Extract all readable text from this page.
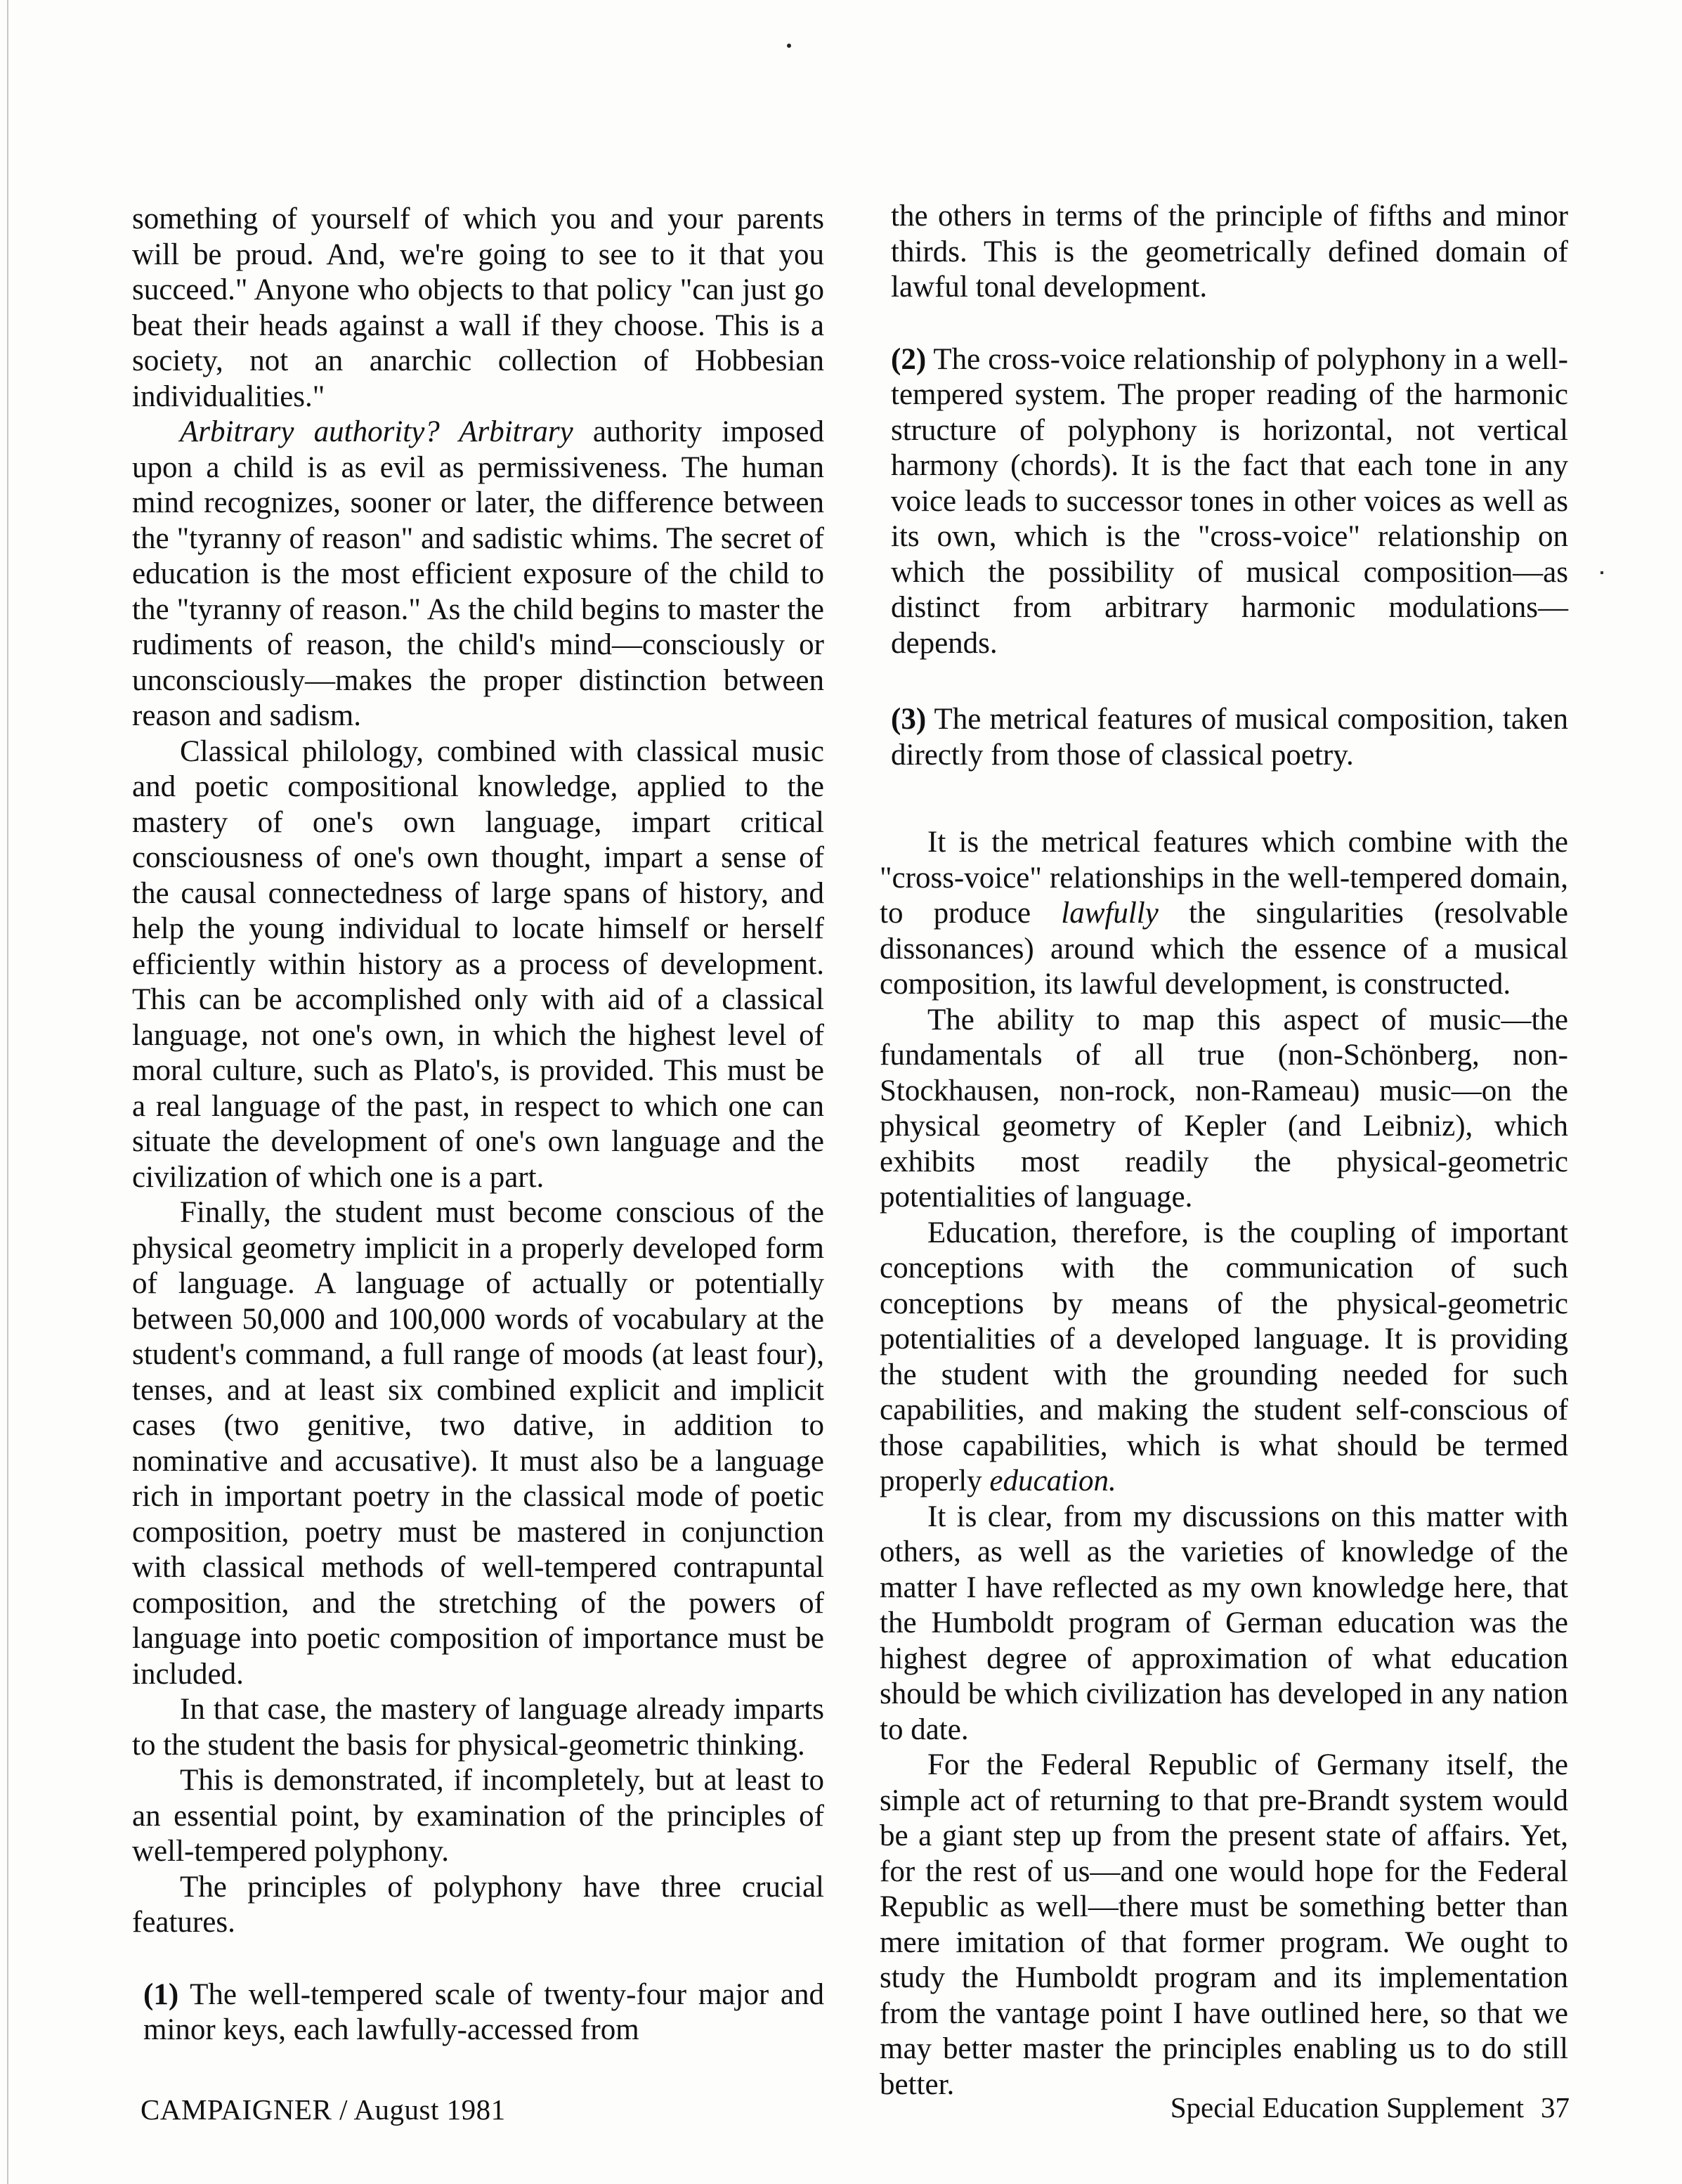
something of yourself of which you and your parents will be proud. And, we're going to see to it that you succeed." Anyone who objects to that policy "can just go beat their heads against a wall if they choose. This is a society, not an anarchic collection of Hobbesian individualities."

Arbitrary authority? Arbitrary authority imposed upon a child is as evil as permissiveness. The human mind recognizes, sooner or later, the difference between the "tyranny of reason" and sadistic whims. The secret of education is the most efficient exposure of the child to the "tyranny of reason." As the child begins to master the rudiments of reason, the child's mind—consciously or unconsciously—makes the proper distinction between reason and sadism.

Classical philology, combined with classical music and poetic compositional knowledge, applied to the mastery of one's own language, impart critical consciousness of one's own thought, impart a sense of the causal connectedness of large spans of history, and help the young individual to locate himself or herself efficiently within history as a process of development. This can be accomplished only with aid of a classical language, not one's own, in which the highest level of moral culture, such as Plato's, is provided. This must be a real language of the past, in respect to which one can situate the development of one's own language and the civilization of which one is a part.

Finally, the student must become conscious of the physical geometry implicit in a properly developed form of language. A language of actually or potentially between 50,000 and 100,000 words of vocabulary at the student's command, a full range of moods (at least four), tenses, and at least six combined explicit and implicit cases (two genitive, two dative, in addition to nominative and accusative). It must also be a language rich in important poetry in the classical mode of poetic composition, poetry must be mastered in conjunction with classical methods of well-tempered contrapuntal composition, and the stretching of the powers of language into poetic composition of importance must be included.

In that case, the mastery of language already imparts to the student the basis for physical-geometric thinking.

This is demonstrated, if incompletely, but at least to an essential point, by examination of the principles of well-tempered polyphony.

The principles of polyphony have three crucial features.

(1) The well-tempered scale of twenty-four major and minor keys, each lawfully-accessed from

the others in terms of the principle of fifths and minor thirds. This is the geometrically defined domain of lawful tonal development.

(2) The cross-voice relationship of polyphony in a well-tempered system. The proper reading of the harmonic structure of polyphony is horizontal, not vertical harmony (chords). It is the fact that each tone in any voice leads to successor tones in other voices as well as its own, which is the "cross-voice" relationship on which the possibility of musical composition—as distinct from arbitrary harmonic modulations—depends.

(3) The metrical features of musical composition, taken directly from those of classical poetry.

It is the metrical features which combine with the "cross-voice" relationships in the well-tempered domain, to produce lawfully the singularities (resolvable dissonances) around which the essence of a musical composition, its lawful development, is constructed.

The ability to map this aspect of music—the fundamentals of all true (non-Schönberg, non-Stockhausen, non-rock, non-Rameau) music—on the physical geometry of Kepler (and Leibniz), which exhibits most readily the physical-geometric potentialities of language.

Education, therefore, is the coupling of important conceptions with the communication of such conceptions by means of the physical-geometric potentialities of a developed language. It is providing the student with the grounding needed for such capabilities, and making the student self-conscious of those capabilities, which is what should be termed properly education.

It is clear, from my discussions on this matter with others, as well as the varieties of knowledge of the matter I have reflected as my own knowledge here, that the Humboldt program of German education was the highest degree of approximation of what education should be which civilization has developed in any nation to date.

For the Federal Republic of Germany itself, the simple act of returning to that pre-Brandt system would be a giant step up from the present state of affairs. Yet, for the rest of us—and one would hope for the Federal Republic as well—there must be something better than mere imitation of that former program. We ought to study the Humboldt program and its implementation from the vantage point I have outlined here, so that we may better master the principles enabling us to do still better.

CAMPAIGNER / August 1981	Special Education Supplement 37
